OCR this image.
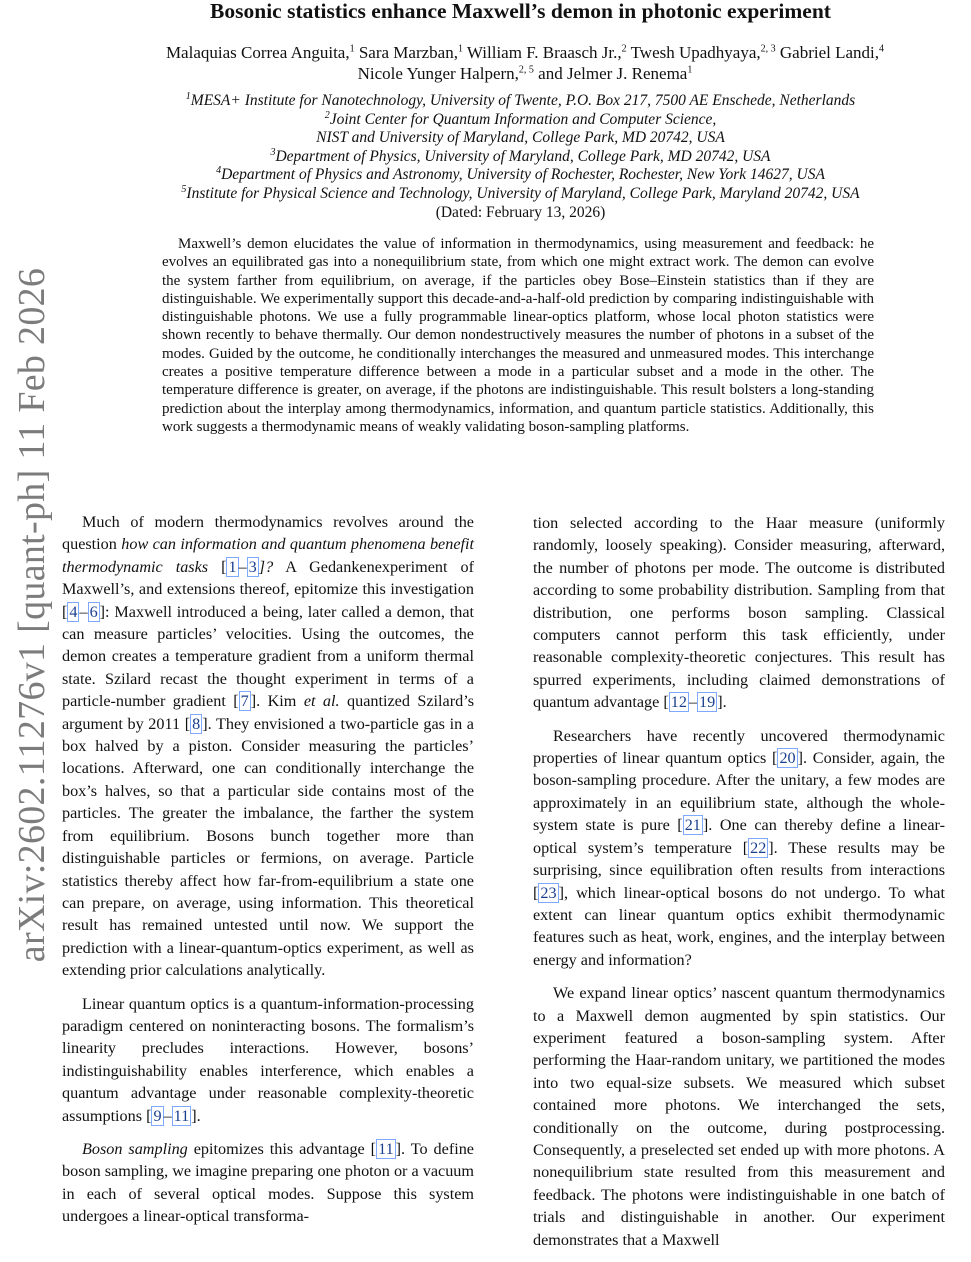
arXiv:2602.11276v1 [quant-ph] 11 Feb 2026
Bosonic statistics enhance Maxwell’s demon in photonic experiment
Malaquias Correa Anguita,$^1$ Sara Marzban,$^1$ William F. Braasch Jr.,$^2$ Twesh Upadhyaya,$^{2, 3}$ Gabriel Landi,$^4$ Nicole Yunger Halpern,$^{2, 5}$ and Jelmer J. Renema$^1$
$^1$MESA+ Institute for Nanotechnology, University of Twente, P.O. Box 217, 7500 AE Enschede, Netherlands
$^2$Joint Center for Quantum Information and Computer Science,
NIST and University of Maryland, College Park, MD 20742, USA
$^3$Department of Physics, University of Maryland, College Park, MD 20742, USA
$^4$Department of Physics and Astronomy, University of Rochester, Rochester, New York 14627, USA
$^5$Institute for Physical Science and Technology, University of Maryland, College Park, Maryland 20742, USA
(Dated: February 13, 2026)

Maxwell’s demon elucidates the value of information in thermodynamics, using measurement and feedback: he evolves an equilibrated gas into a nonequilibrium state, from which one might extract work. The demon can evolve the system farther from equilibrium, on average, if the particles obey Bose–Einstein statistics than if they are distinguishable. We experimentally support this decade-and-a-half-old prediction by comparing indistinguishable with distinguishable photons. We use a fully programmable linear-optics platform, whose local photon statistics were shown recently to behave thermally. Our demon nondestructively measures the number of photons in a subset of the modes. Guided by the outcome, he conditionally interchanges the measured and unmeasured modes. This interchange creates a positive temperature difference between a mode in a particular subset and a mode in the other. The temperature difference is greater, on average, if the photons are indistinguishable. This result bolsters a long-standing prediction about the interplay among thermodynamics, information, and quantum particle statistics. Additionally, this work suggests a thermodynamic means of weakly validating boson-sampling platforms.

Much of modern thermodynamics revolves around the question how can information and quantum phenomena benefit thermodynamic tasks [ 1 – 3 ]? A Gedankenexperiment of Maxwell’s, and extensions thereof, epitomize this investigation [ 4 – 6 ]: Maxwell introduced a being, later called a demon, that can measure particles’ velocities. Using the outcomes, the demon creates a temperature gradient from a uniform thermal state. Szilard recast the thought experiment in terms of a particle-number gradient [ 7 ]. Kim et al. quantized Szilard’s argument by 2011 [ 8 ]. They envisioned a two-particle gas in a box halved by a piston. Consider measuring the particles’ locations. Afterward, one can conditionally interchange the box’s halves, so that a particular side contains most of the particles. The greater the imbalance, the farther the system from equilibrium. Bosons bunch together more than distinguishable particles or fermions, on average. Particle statistics thereby affect how far-from-equilibrium a state one can prepare, on average, using information. This theoretical result has remained untested until now. We support the prediction with a linear-quantum-optics experiment, as well as extending prior calculations analytically.

Linear quantum optics is a quantum-information-processing paradigm centered on noninteracting bosons. The formalism’s linearity precludes interactions. However, bosons’ indistinguishability enables interference, which enables a quantum advantage under reasonable complexity-theoretic assumptions [ 9 – 11 ].

Boson sampling epitomizes this advantage [ 11 ]. To define boson sampling, we imagine preparing one photon or a vacuum in each of several optical modes. Suppose this system undergoes a linear-optical transforma-

tion selected according to the Haar measure (uniformly randomly, loosely speaking). Consider measuring, afterward, the number of photons per mode. The outcome is distributed according to some probability distribution. Sampling from that distribution, one performs boson sampling. Classical computers cannot perform this task efficiently, under reasonable complexity-theoretic conjectures. This result has spurred experiments, including claimed demonstrations of quantum advantage [ 12 – 19 ].

Researchers have recently uncovered thermodynamic properties of linear quantum optics [ 20 ]. Consider, again, the boson-sampling procedure. After the unitary, a few modes are approximately in an equilibrium state, although the whole-system state is pure [ 21 ]. One can thereby define a linear-optical system’s temperature [ 22 ]. These results may be surprising, since equilibration often results from interactions [ 23 ], which linear-optical bosons do not undergo. To what extent can linear quantum optics exhibit thermodynamic features such as heat, work, engines, and the interplay between energy and information?

We expand linear optics’ nascent quantum thermodynamics to a Maxwell demon augmented by spin statistics. Our experiment featured a boson-sampling system. After performing the Haar-random unitary, we partitioned the modes into two equal-size subsets. We measured which subset contained more photons. We interchanged the sets, conditionally on the outcome, during postprocessing. Consequently, a preselected set ended up with more photons. A nonequilibrium state resulted from this measurement and feedback. The photons were indistinguishable in one batch of trials and distinguishable in another. Our experiment demonstrates that a Maxwell
